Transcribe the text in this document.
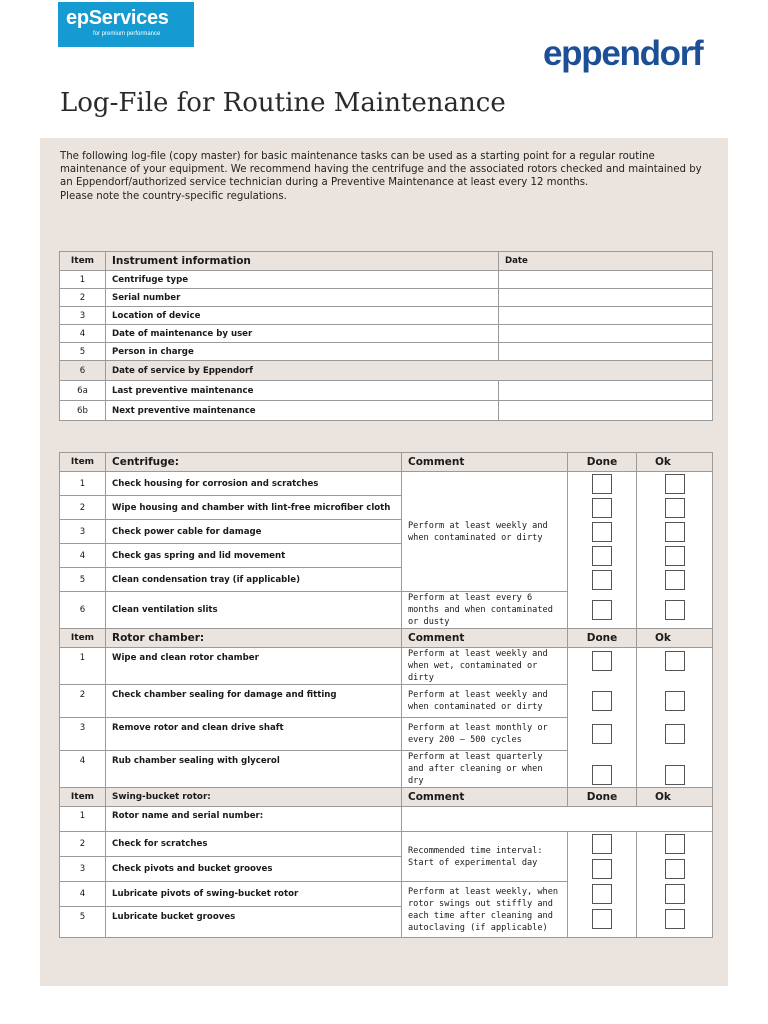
epServices
for premium performance	eppendorf
Log-File for Routine Maintenance

The following log-file (copy master) for basic maintenance tasks can be used as a starting point for a regular routine maintenance of your equipment. We recommend having the centrifuge and the associated rotors checked and maintained by an Eppendorf/authorized service technician during a Preventive Maintenance at least every 12 months.

Please note the country-specific regulations.

Item	Instrument information	Date
1	Centrifuge type	
2	Serial number	
3	Location of device	
4	Date of maintenance by user	
5	Person in charge	
6	Date of service by Eppendorf	
6a	Last preventive maintenance	
6b	Next preventive maintenance	
Item	Centrifuge:	Comment	Done	Ok
1	Check housing for corrosion and scratches	Perform at least weekly and when contaminated or dirty		
2	Wipe housing and chamber with lint-free microfiber cloth			
3	Check power cable for damage			
4	Check gas spring and lid movement			
5	Clean condensation tray (if applicable)			
6	Clean ventilation slits	Perform at least every 6 months and when contaminated or dusty		
Item	Rotor chamber:	Comment	Done	Ok
1	Wipe and clean rotor chamber	Perform at least weekly and when wet, contaminated or dirty		
2	Check chamber sealing for damage and fitting	Perform at least weekly and when contaminated or dirty		
3	Remove rotor and clean drive shaft	Perform at least monthly or every 200 – 500 cycles		
4	Rub chamber sealing with glycerol	Perform at least quarterly and after cleaning or when dry		
Item	Swing-bucket rotor:	Comment	Done	Ok
1	Rotor name and serial number:			
2	Check for scratches	Recommended time interval: Start of experimental day		
3	Check pivots and bucket grooves			
4	Lubricate pivots of swing-bucket rotor	Perform at least weekly, when rotor swings out stiffly and each time after cleaning and autoclaving (if applicable)		
5	Lubricate bucket grooves			
